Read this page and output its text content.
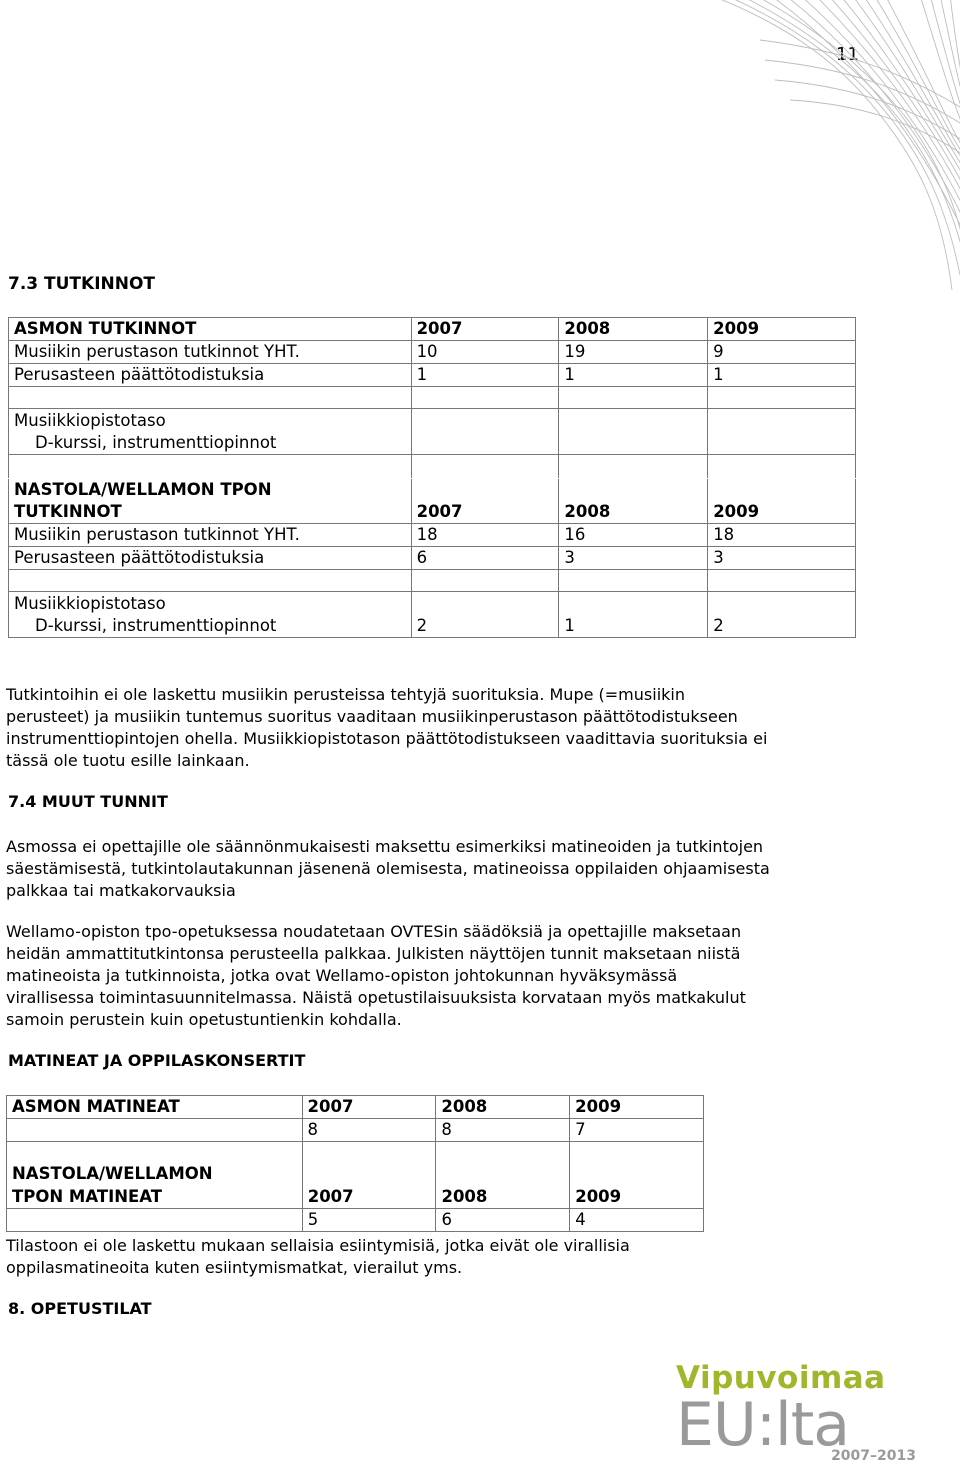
11
7.3 TUTKINNOT
ASMON TUTKINNOT	2007	2008	2009
Musiikin perustason tutkinnot YHT.	10	19	9
Perusasteen päättötodistuksia	1	1	1

Musiikkiopistotaso			
D-kurssi, instrumenttiopinnot			

NASTOLA/WELLAMON TPON			
TUTKINNOT	2007	2008	2009
Musiikin perustason tutkinnot YHT.	18	16	18
Perusasteen päättötodistuksia	6	3	3

Musiikkiopistotaso			
D-kurssi, instrumenttiopinnot	2	1	2
Tutkintoihin ei ole laskettu musiikin perusteissa tehtyjä suorituksia. Mupe (=musiikin
perusteet) ja musiikin tuntemus suoritus vaaditaan musiikinperustason päättötodistukseen
instrumenttiopintojen ohella. Musiikkiopistotason päättötodistukseen vaadittavia suorituksia ei
tässä ole tuotu esille lainkaan.
7.4 MUUT TUNNIT
Asmossa ei opettajille ole säännönmukaisesti maksettu esimerkiksi matineoiden ja tutkintojen
säestämisestä, tutkintolautakunnan jäsenenä olemisesta, matineoissa oppilaiden ohjaamisesta
palkkaa tai matkakorvauksia
Wellamo-opiston tpo-opetuksessa noudatetaan OVTESin säädöksiä ja opettajille maksetaan
heidän ammattitutkintonsa perusteella palkkaa. Julkisten näyttöjen tunnit maksetaan niistä
matineoista ja tutkinnoista, jotka ovat Wellamo-opiston johtokunnan hyväksymässä
virallisessa toimintasuunnitelmassa. Näistä opetustilaisuuksista korvataan myös matkakulut
samoin perustein kuin opetustuntienkin kohdalla.
MATINEAT JA OPPILASKONSERTIT
ASMON MATINEAT	2007	2008	2009
	8	8	7

NASTOLA/WELLAMON			
TPON MATINEAT	2007	2008	2009
	5	6	4
Tilastoon ei ole laskettu mukaan sellaisia esiintymisiä, jotka eivät ole virallisia
oppilasmatineoita kuten esiintymismatkat, vierailut yms.
8. OPETUSTILAT
Vipuvoimaa
EU:lta
2007–2013
